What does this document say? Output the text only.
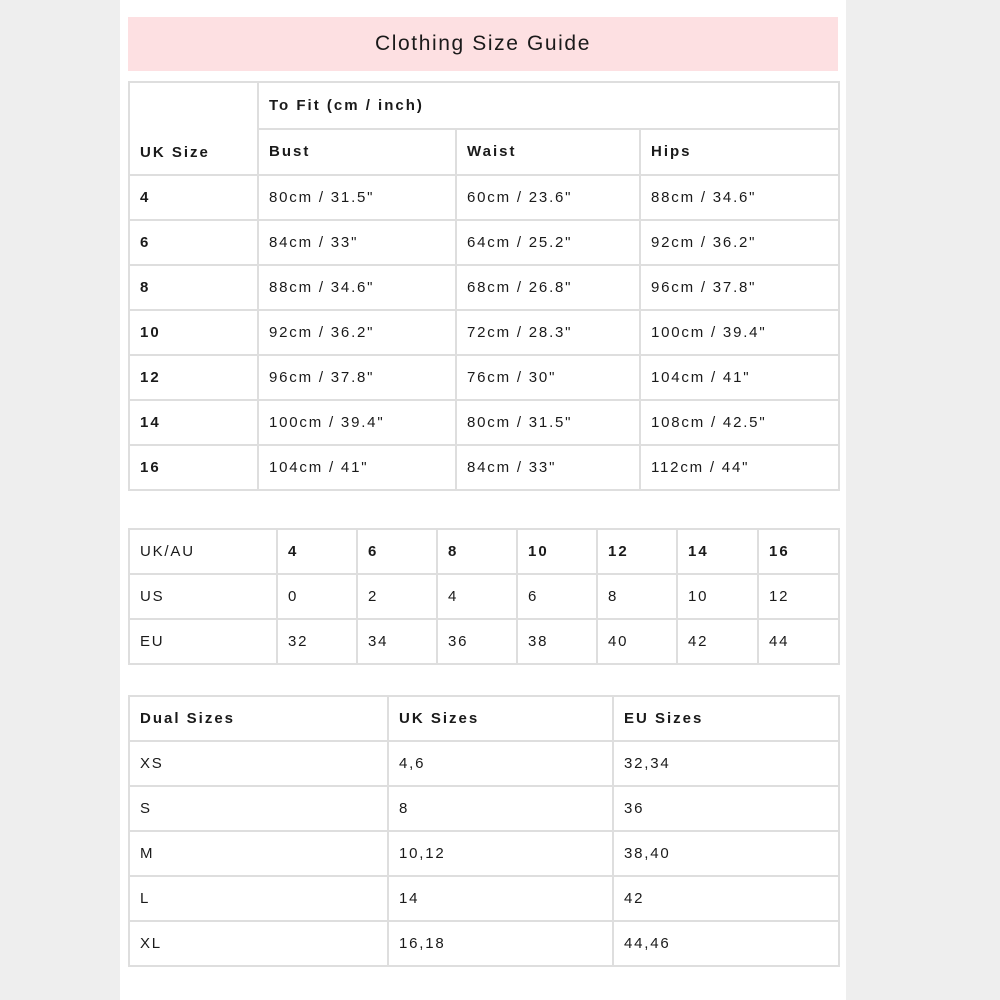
Clothing Size Guide
UK Size	To Fit (cm / inch)		
	Bust	Waist	Hips
4	80cm / 31.5"	60cm / 23.6"	88cm / 34.6"
6	84cm / 33"	64cm / 25.2"	92cm / 36.2"
8	88cm / 34.6"	68cm / 26.8"	96cm / 37.8"
10	92cm / 36.2"	72cm / 28.3"	100cm / 39.4"
12	96cm / 37.8"	76cm / 30"	104cm / 41"
14	100cm / 39.4"	80cm / 31.5"	108cm / 42.5"
16	104cm / 41"	84cm / 33"	112cm / 44"
UK/AU	4	6	8	10	12	14	16
US	0	2	4	6	8	10	12
EU	32	34	36	38	40	42	44
Dual Sizes	UK Sizes	EU Sizes
XS	4,6	32,34
S	8	36
M	10,12	38,40
L	14	42
XL	16,18	44,46
